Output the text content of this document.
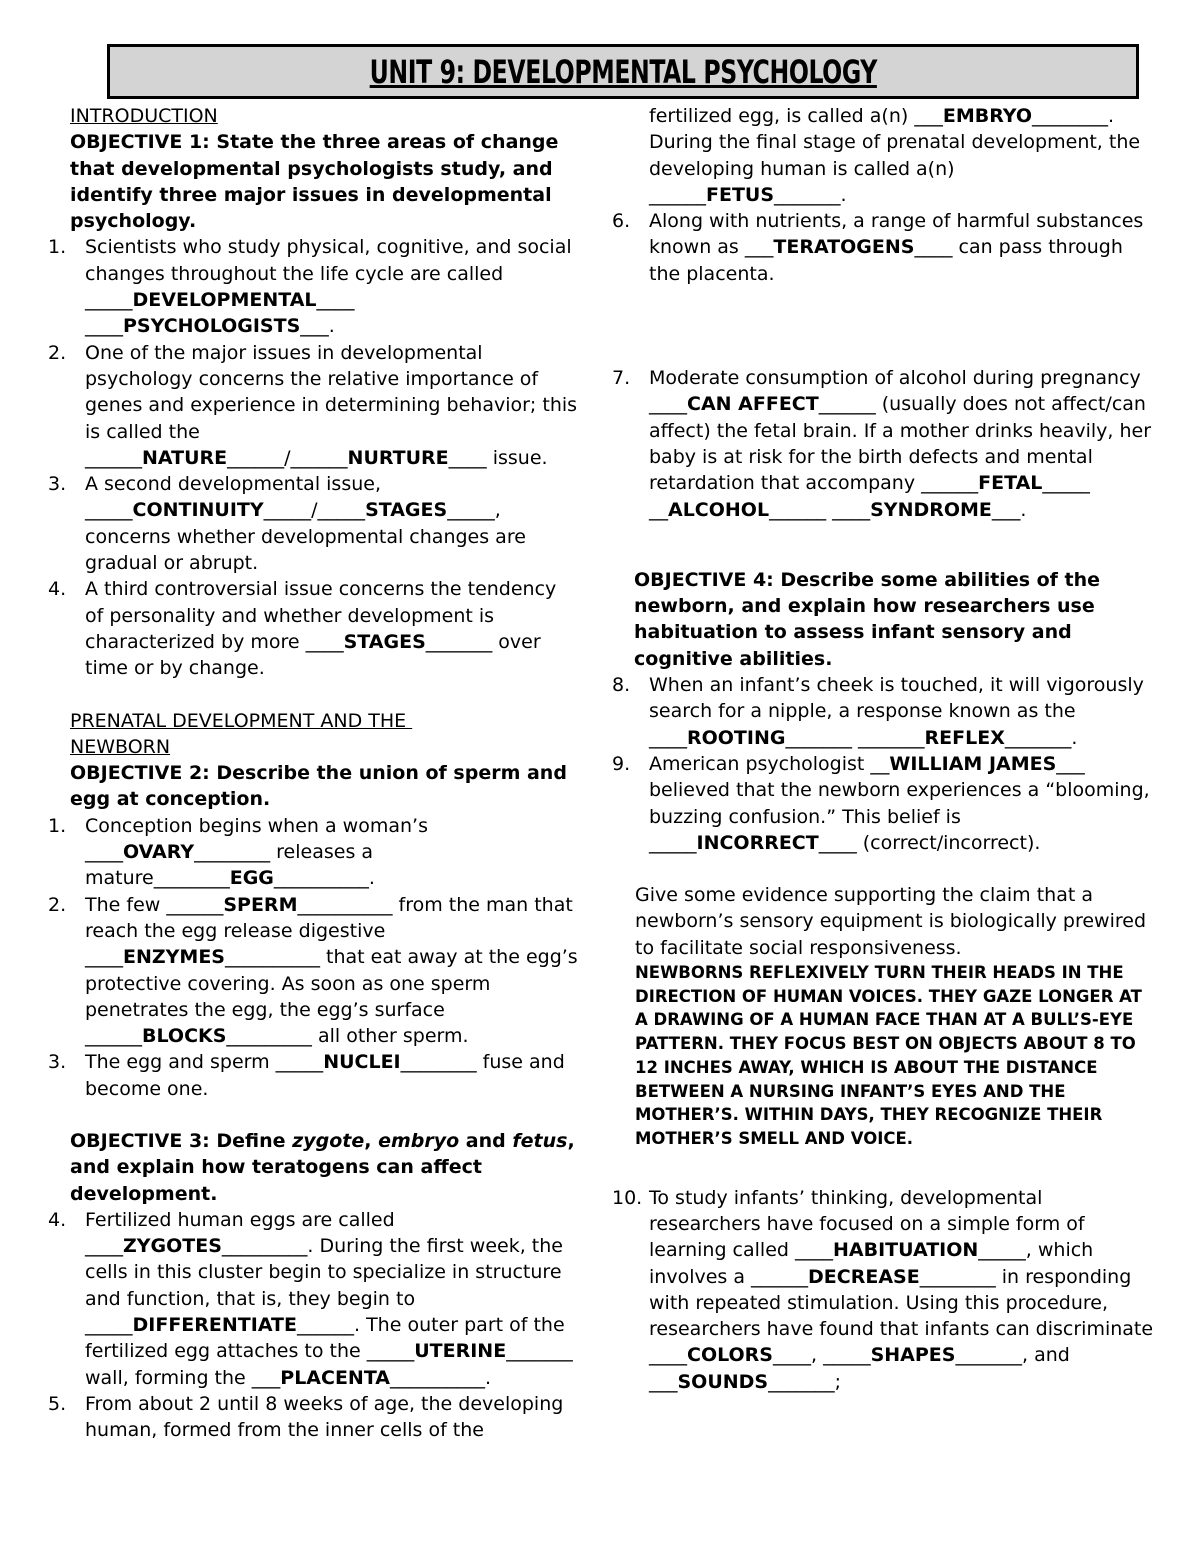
UNIT 9: DEVELOPMENTAL PSYCHOLOGY
INTRODUCTION
OBJECTIVE 1: State the three areas of change that developmental psychologists study, and identify three major issues in developmental psychology.
1. Scientists who study physical, cognitive, and social changes throughout the life cycle are called _____DEVELOPMENTAL____ ____PSYCHOLOGISTS___.
2. One of the major issues in developmental psychology concerns the relative importance of genes and experience in determining behavior; this is called the ______NATURE______/______NURTURE____ issue.
3. A second developmental issue, _____CONTINUITY_____/_____STAGES_____, concerns whether developmental changes are gradual or abrupt.
4. A third controversial issue concerns the tendency of personality and whether development is characterized by more ____STAGES_______ over time or by change.
PRENATAL DEVELOPMENT AND THE
NEWBORN
OBJECTIVE 2: Describe the union of sperm and egg at conception.
1. Conception begins when a woman’s ____OVARY________ releases a mature________EGG__________.
2. The few ______SPERM__________ from the man that reach the egg release digestive ____ENZYMES__________ that eat away at the egg’s protective covering. As soon as one sperm penetrates the egg, the egg’s surface ______BLOCKS_________ all other sperm.
3. The egg and sperm _____NUCLEI________ fuse and become one.
OBJECTIVE 3: Define zygote, embryo and fetus, and explain how teratogens can affect development.
4. Fertilized human eggs are called ____ZYGOTES_________. During the first week, the cells in this cluster begin to specialize in structure and function, that is, they begin to _____DIFFERENTIATE______. The outer part of the fertilized egg attaches to the _____UTERINE_______ wall, forming the ___PLACENTA__________.
5. From about 2 until 8 weeks of age, the developing human, formed from the inner cells of the
fertilized egg, is called a(n) ___EMBRYO________. During the final stage of prenatal development, the developing human is called a(n) ______FETUS_______.
6. Along with nutrients, a range of harmful substances known as ___TERATOGENS____ can pass through the placenta.
7. Moderate consumption of alcohol during pregnancy ____CAN AFFECT______ (usually does not affect/can affect) the fetal brain. If a mother drinks heavily, her baby is at risk for the birth defects and mental retardation that accompany ______FETAL_____ __ALCOHOL______ ____SYNDROME___.
OBJECTIVE 4: Describe some abilities of the newborn, and explain how researchers use habituation to assess infant sensory and cognitive abilities.
8. When an infant’s cheek is touched, it will vigorously search for a nipple, a response known as the ____ROOTING_______ _______REFLEX_______.
9. American psychologist __WILLIAM JAMES___ believed that the newborn experiences a “blooming, buzzing confusion.” This belief is _____INCORRECT____ (correct/incorrect).
Give some evidence supporting the claim that a newborn’s sensory equipment is biologically prewired to facilitate social responsiveness.
NEWBORNS REFLEXIVELY TURN THEIR HEADS IN THE DIRECTION OF HUMAN VOICES. THEY GAZE LONGER AT A DRAWING OF A HUMAN FACE THAN AT A BULL’S-EYE PATTERN. THEY FOCUS BEST ON OBJECTS ABOUT 8 TO 12 INCHES AWAY, WHICH IS ABOUT THE DISTANCE BETWEEN A NURSING INFANT’S EYES AND THE MOTHER’S. WITHIN DAYS, THEY RECOGNIZE THEIR MOTHER’S SMELL AND VOICE.
10. To study infants’ thinking, developmental researchers have focused on a simple form of learning called ____HABITUATION_____, which involves a ______DECREASE________ in responding with repeated stimulation. Using this procedure, researchers have found that infants can discriminate ____COLORS____, _____SHAPES_______, and ___SOUNDS_______;
